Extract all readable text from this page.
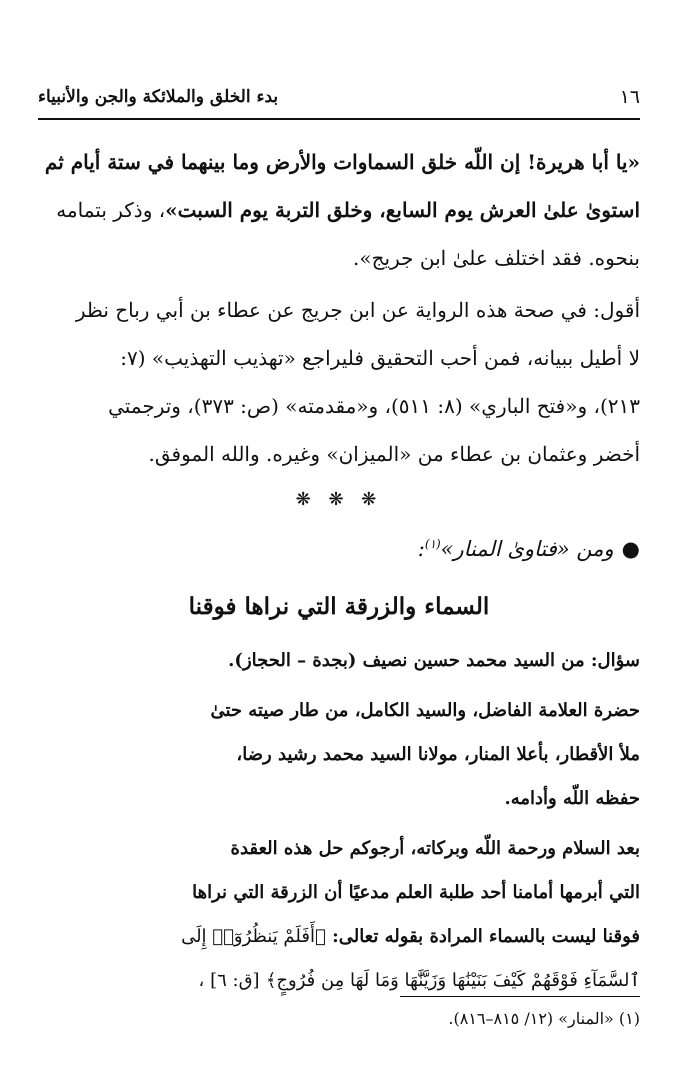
١٦
بدء الخلق والملائكة والجن والأنبياء

«يا أبا هريرة! إن اللّه خلق السماوات والأرض وما بينهما في ستة أيام ثم

استوىٰ علىٰ العرش يوم السابع، وخلق التربة يوم السبت»، وذكر بتمامه

بنحوه. فقد اختلف علىٰ ابن جريج».

أقول: في صحة هذه الرواية عن ابن جريج عن عطاء بن أبي رباح نظر

لا أطيل ببيانه، فمن أحب التحقيق فليراجع «تهذيب التهذيب» (٧:

٢١٣)، و«فتح الباري» (٨: ٥١١)، و«مقدمته» (ص: ٣٧٣)، وترجمتي

أخضر وعثمان بن عطاء من «الميزان» وغيره. والله الموفق.

❋ ❋ ❋

●ومن «فتاوىٰ المنار»$^{(١)}$:

السماء والزرقة التي نراها فوقنا

سؤال: من السيد محمد حسين نصيف (بجدة – الحجاز).

حضرة العلامة الفاضل، والسيد الكامل، من طار صيته حتىٰ

ملأ الأقطار، بأعلا المنار، مولانا السيد محمد رشيد رضا،

حفظه اللّه وأدامه.

بعد السلام ورحمة اللّه وبركاته، أرجوكم حل هذه العقدة

التي أبرمها أمامنا أحد طلبة العلم مدعيًا أن الزرقة التي نراها

فوقنا ليست بالسماء المرادة بقوله تعالى: ﴿أَفَلَمْ يَنظُرُوٓا۟ إِلَى

ٱلسَّمَآءِ فَوْقَهُمْ كَيْفَ بَنَيْنَٰهَا وَزَيَّنَّٰهَا وَمَا لَهَا مِن فُرُوجٍ﴾ [ق: ٦] ،

(١) «المنار» (١٢/ ٨١٥–٨١٦).
